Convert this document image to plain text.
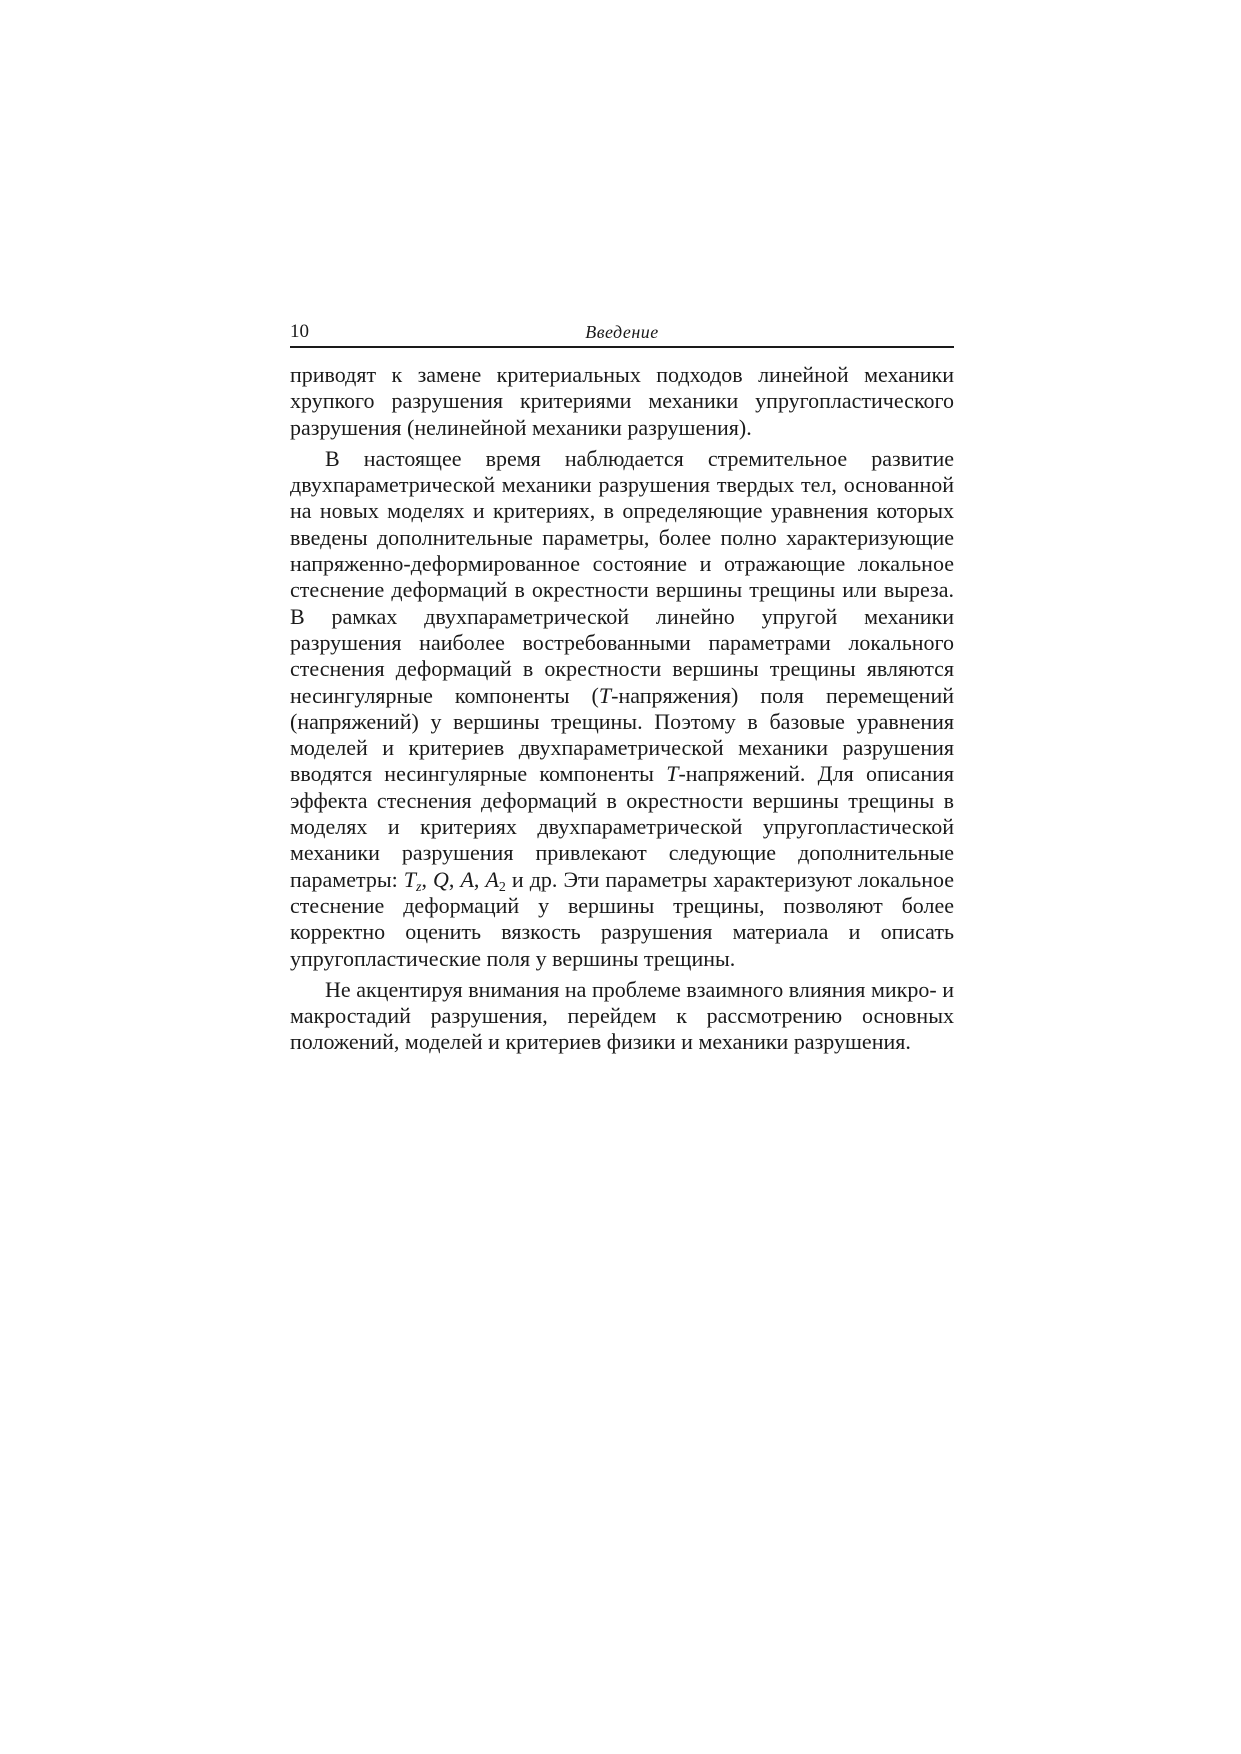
10	Введение

приводят к замене критериальных подходов линейной механики хрупкого разрушения критериями механики упругопластического разрушения (нелинейной механики разрушения).

В настоящее время наблюдается стремительное развитие двухпараметрической механики разрушения твердых тел, основанной на новых моделях и критериях, в определяющие уравнения которых введены дополнительные параметры, более полно характеризующие напряженно-деформированное состояние и отражающие локальное стеснение деформаций в окрестности вершины трещины или выреза. В рамках двухпараметрической линейно упругой механики разрушения наиболее востребованными параметрами локального стеснения деформаций в окрестности вершины трещины являются несингулярные компоненты (T-напряжения) поля перемещений (напряжений) у вершины трещины. Поэтому в базовые уравнения моделей и критериев двухпараметрической механики разрушения вводятся несингулярные компоненты T-напряжений. Для описания эффекта стеснения деформаций в окрестности вершины трещины в моделях и критериях двухпараметрической упругопластической механики разрушения привлекают следующие дополнительные параметры: $T_z$, Q, A, $A_2$ и др. Эти параметры характеризуют локальное стеснение деформаций у вершины трещины, позволяют более корректно оценить вязкость разрушения материала и описать упругопластические поля у вершины трещины.

Не акцентируя внимания на проблеме взаимного влияния микро- и макростадий разрушения, перейдем к рассмотрению основных положений, моделей и критериев физики и механики разрушения.
